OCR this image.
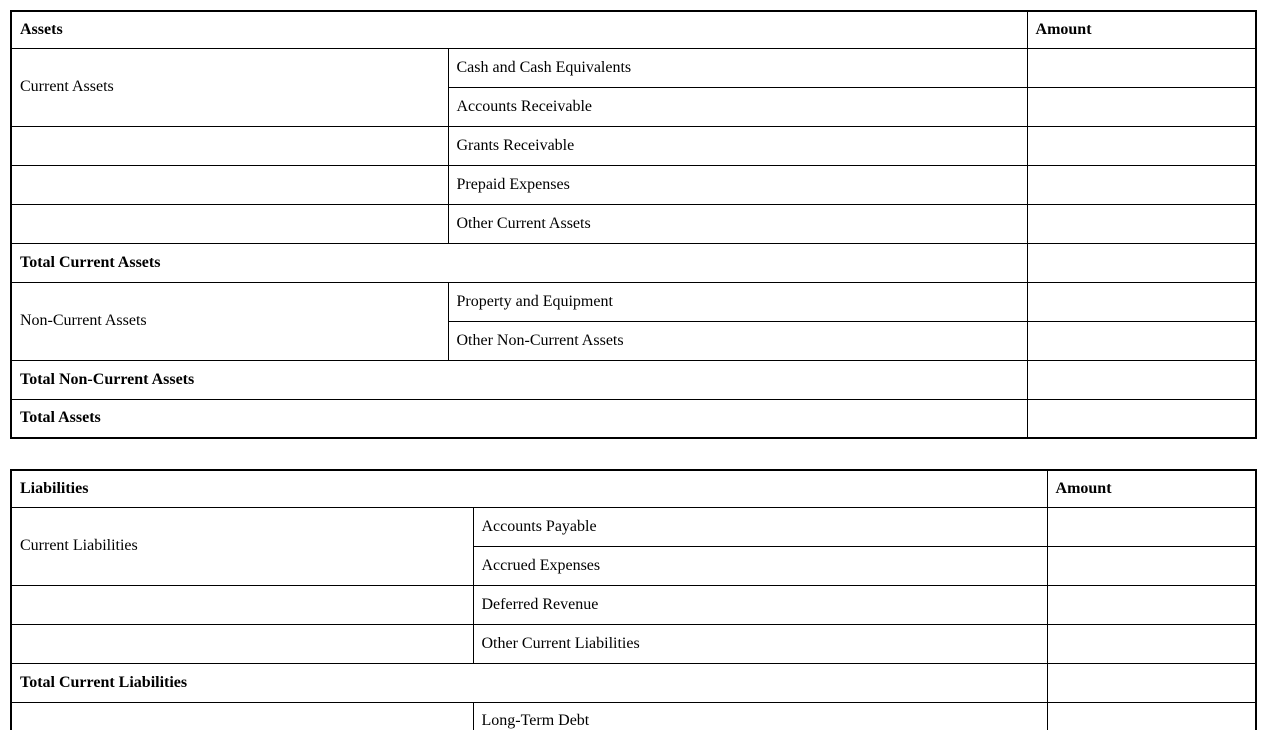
Assets		Amount
Current Assets	Cash and Cash Equivalents	
	Accounts Receivable	
	Grants Receivable	
	Prepaid Expenses	
	Other Current Assets	
Total Current Assets		
Non-Current Assets	Property and Equipment	
	Other Non-Current Assets	
Total Non-Current Assets		
Total Assets		
Liabilities		Amount
Current Liabilities	Accounts Payable	
	Accrued Expenses	
	Deferred Revenue	
	Other Current Liabilities	
Total Current Liabilities		
	Long-Term Debt	
